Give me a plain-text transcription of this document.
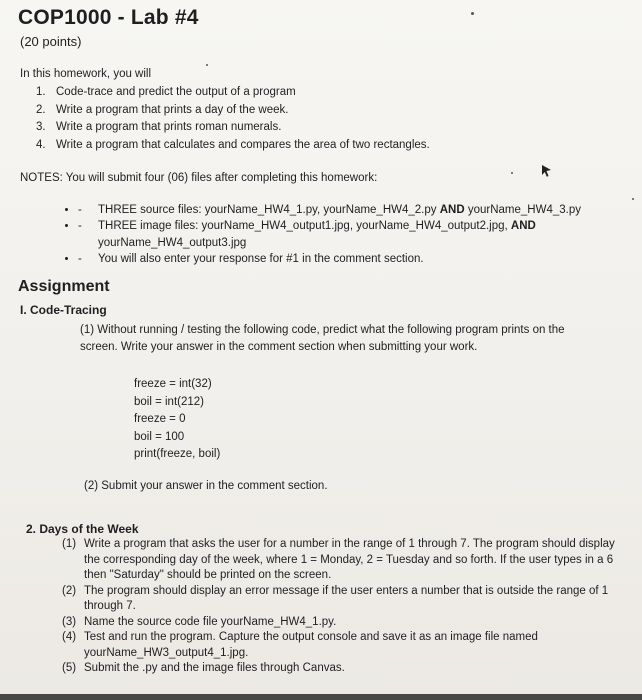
COP1000 - Lab #4
(20 points)
In this homework, you will
1. Code-trace and predict the output of a program
2. Write a program that prints a day of the week.
3. Write a program that prints roman numerals.
4. Write a program that calculates and compares the area of two rectangles.
NOTES: You will submit four (06) files after completing this homework:
• - THREE source files: yourName_HW4_1.py, yourName_HW4_2.py AND yourName_HW4_3.py
• - THREE image files: yourName_HW4_output1.jpg, yourName_HW4_output2.jpg, AND yourName_HW4_output3.jpg
• - You will also enter your response for #1 in the comment section.
Assignment
I. Code-Tracing
(1) Without running / testing the following code, predict what the following program prints on the screen. Write your answer in the comment section when submitting your work.
freeze = int(32)
boil = int(212)
freeze = 0
boil = 100
print(freeze, boil)
(2) Submit your answer in the comment section.
2. Days of the Week
(1) Write a program that asks the user for a number in the range of 1 through 7. The program should display the corresponding day of the week, where 1 = Monday, 2 = Tuesday and so forth. If the user types in a 6 then "Saturday" should be printed on the screen.
(2) The program should display an error message if the user enters a number that is outside the range of 1 through 7.
(3) Name the source code file yourName_HW4_1.py.
(4) Test and run the program. Capture the output console and save it as an image file named yourName_HW3_output4_1.jpg.
(5) Submit the .py and the image files through Canvas.
